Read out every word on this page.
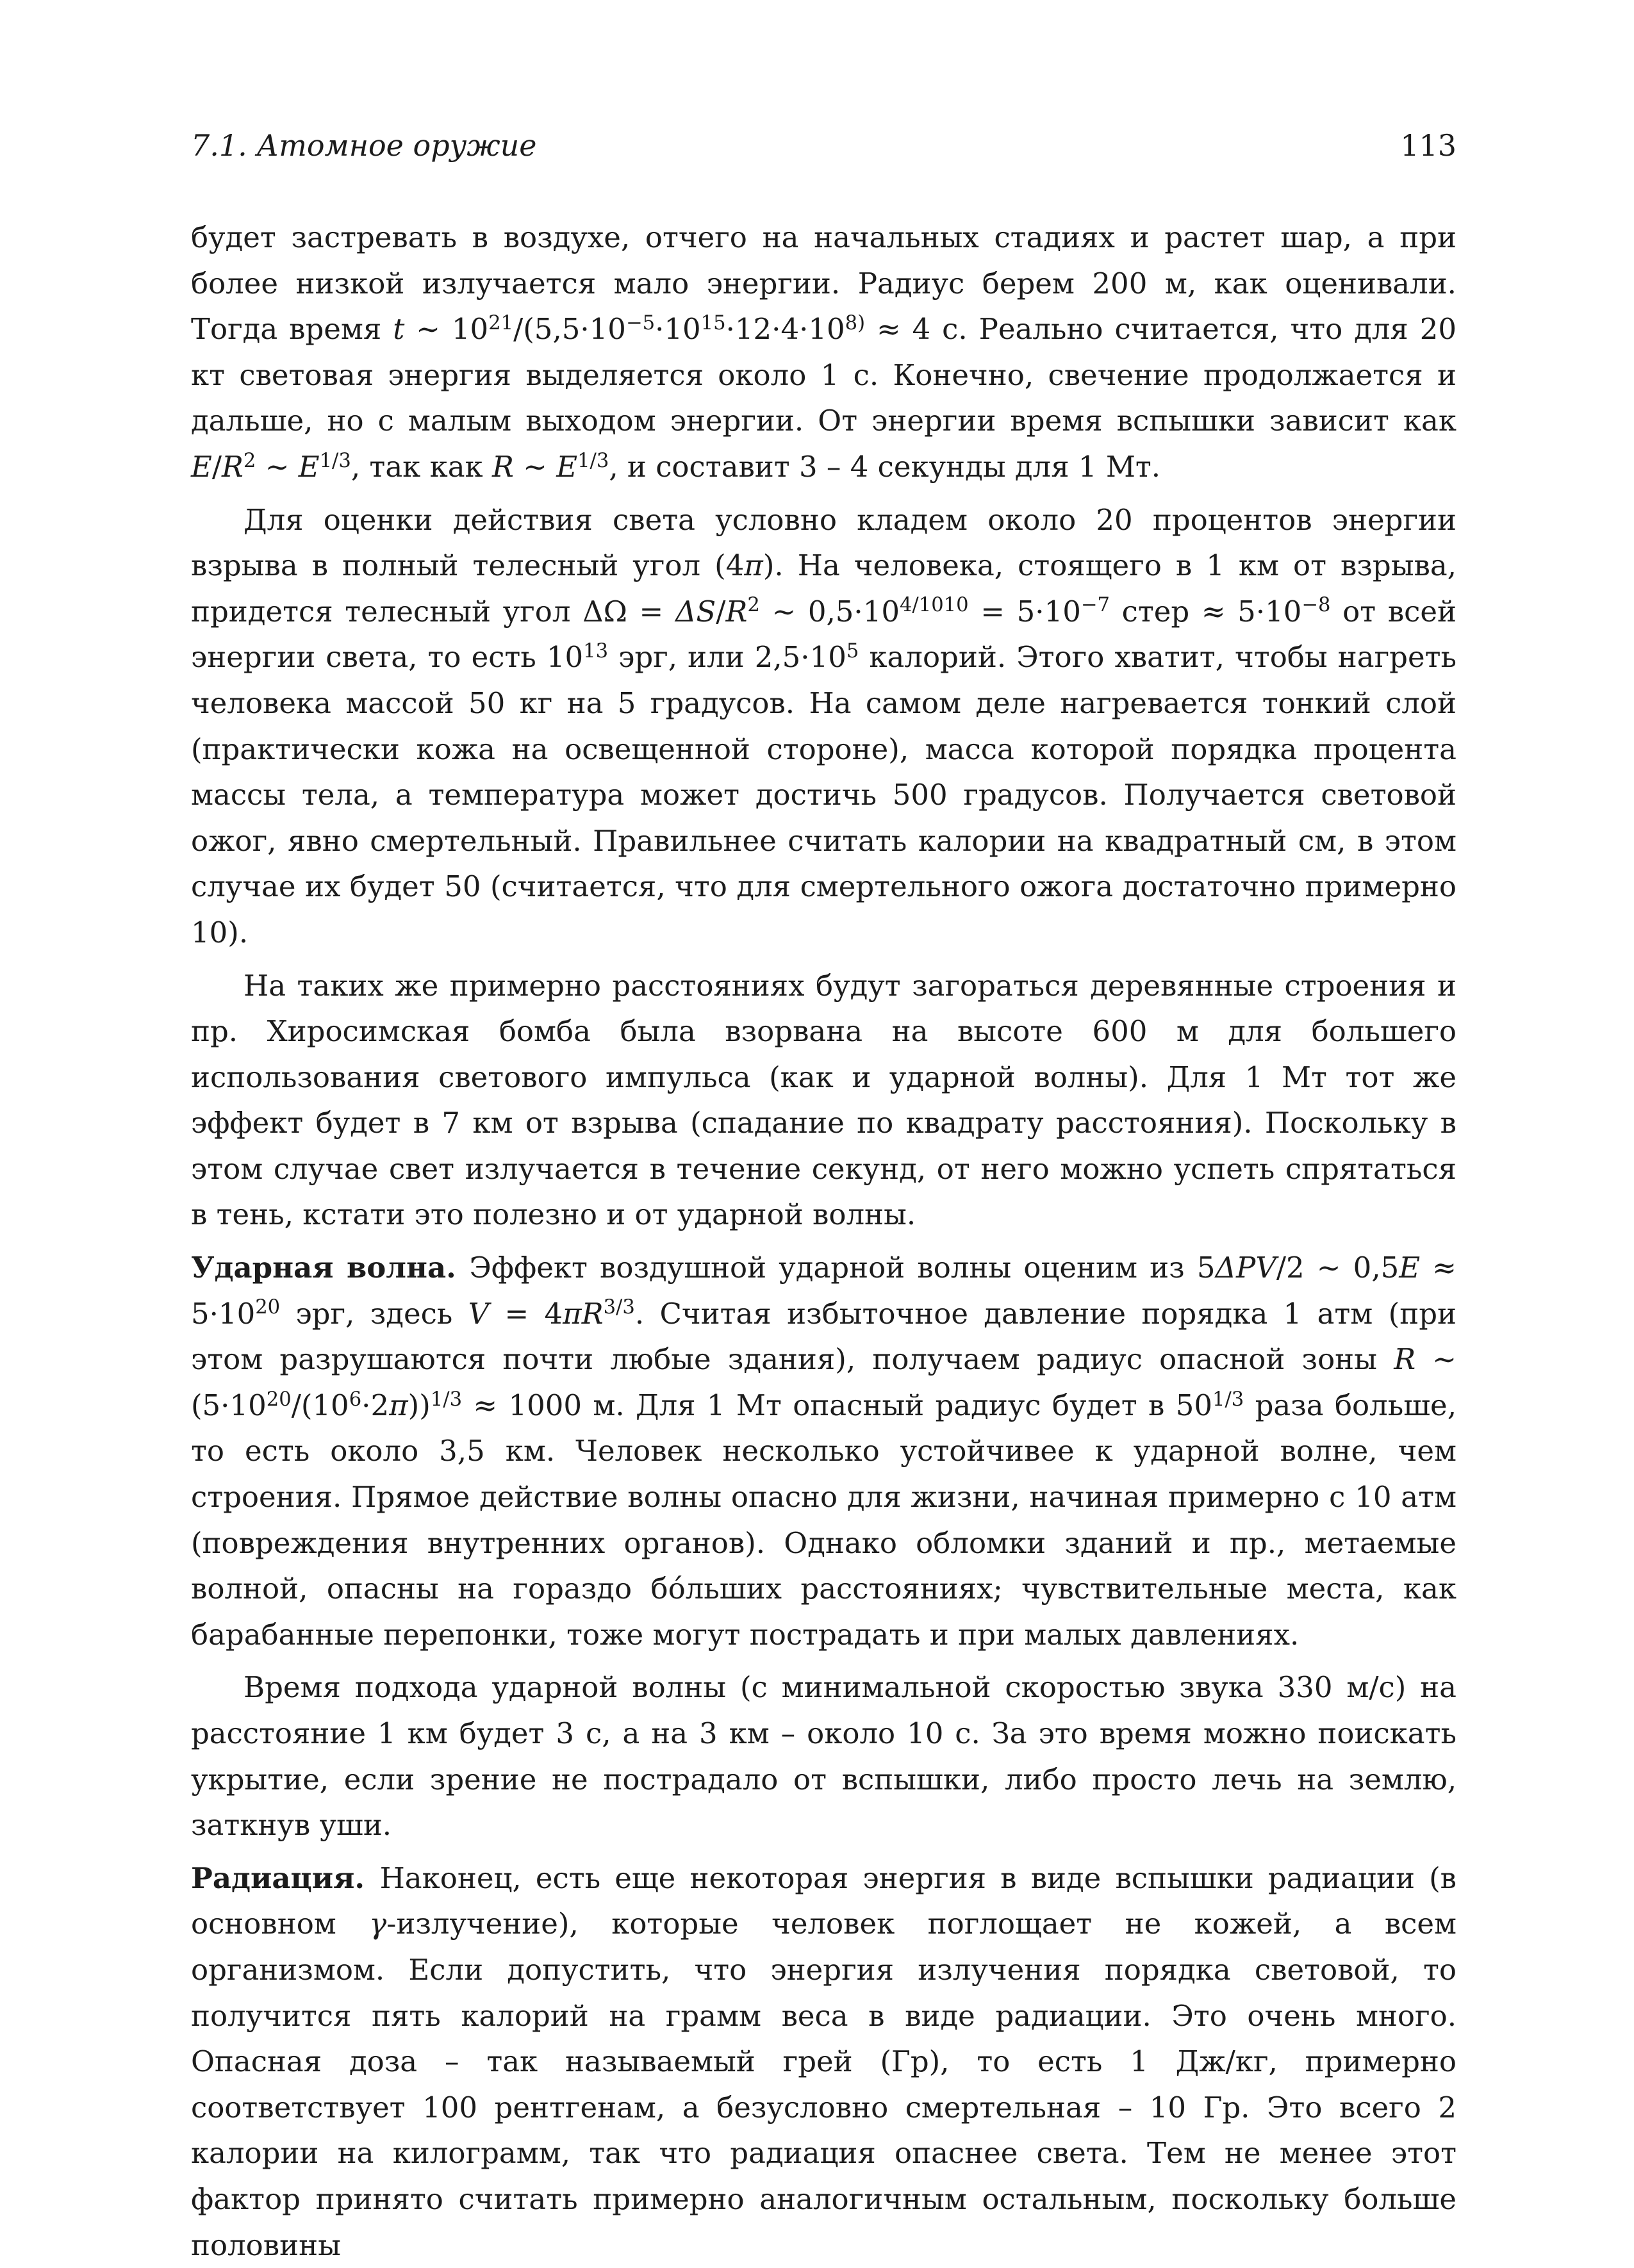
7.1. Атомное оружие	113

будет застревать в воздухе, отчего на начальных стадиях и растет шар, а при более низкой излучается мало энергии. Радиус берем 200 м, как оценивали. Тогда время t ∼ $10^{21}/(5,5\cdot 10^{-5}\cdot 10^{15}\cdot 12\cdot 4\cdot 10^{8)} \approx 4$ с. Реально считается, что для 20 кт световая энергия выделяется около 1 с. Конечно, свечение продолжается и дальше, но с малым выходом энергии. От энергии время вспышки зависит как $E/R^2$ ∼ $E^{1/3}$, так как R ∼ $E^{1/3}$, и составит 3 – 4 секунды для 1 Мт.

Для оценки действия света условно кладем около 20 процентов энергии взрыва в полный телесный угол (4π). На человека, стоящего в 1 км от взрыва, придется телесный угол $\Delta\Omega = \Delta S/R^2$ ∼ $0,5\cdot 10^{4/1010} = 5\cdot 10^{-7}$ стер ≈ $5\cdot 10^{-8}$ от всей энергии света, то есть $10^{13}$ эрг, или $2,5\cdot 10^5$ калорий. Этого хватит, чтобы нагреть человека массой 50 кг на 5 градусов. На самом деле нагревается тонкий слой (практически кожа на освещенной стороне), масса которой порядка процента массы тела, а температура может достичь 500 градусов. Получается световой ожог, явно смертельный. Правильнее считать калории на квадратный см, в этом случае их будет 50 (считается, что для смертельного ожога достаточно примерно 10).

На таких же примерно расстояниях будут загораться деревянные строения и пр. Хиросимская бомба была взорвана на высоте 600 м для большего использования светового импульса (как и ударной волны). Для 1 Мт тот же эффект будет в 7 км от взрыва (спадание по квадрату расстояния). Поскольку в этом случае свет излучается в течение секунд, от него можно успеть спрятаться в тень, кстати это полезно и от ударной волны.

Ударная волна. Эффект воздушной ударной волны оценим из 5ΔPV/2 ∼ $0,5E \approx 5\cdot 10^{20}$ эрг, здесь $V = 4\pi R^{3/3}$. Считая избыточное давление порядка 1 атм (при этом разрушаются почти любые здания), получаем радиус опасной зоны R ∼ $(5\cdot 10^{20}/(10^6\cdot 2\pi))^{1/3} \approx 1000$ м. Для 1 Мт опасный радиус будет в $50^{1/3}$ раза больше, то есть около 3,5 км. Человек несколько устойчивее к ударной волне, чем строения. Прямое действие волны опасно для жизни, начиная примерно с 10 атм (повреждения внутренних органов). Однако обломки зданий и пр., метаемые волной, опасны на гораздо бо́льших расстояниях; чувствительные места, как барабанные перепонки, тоже могут пострадать и при малых давлениях.

Время подхода ударной волны (с минимальной скоростью звука 330 м/с) на расстояние 1 км будет 3 с, а на 3 км – около 10 с. За это время можно поискать укрытие, если зрение не пострадало от вспышки, либо просто лечь на землю, заткнув уши.

Радиация. Наконец, есть еще некоторая энергия в виде вспышки радиации (в основном γ-излучение), которые человек поглощает не кожей, а всем организмом. Если допустить, что энергия излучения порядка световой, то получится пять калорий на грамм веса в виде радиации. Это очень много. Опасная доза – так называемый грей (Гр), то есть 1 Дж/кг, примерно соответствует 100 рентгенам, а безусловно смертельная – 10 Гр. Это всего 2 калории на килограмм, так что радиация опаснее света. Тем не менее этот фактор принято считать примерно аналогичным остальным, поскольку больше половины
